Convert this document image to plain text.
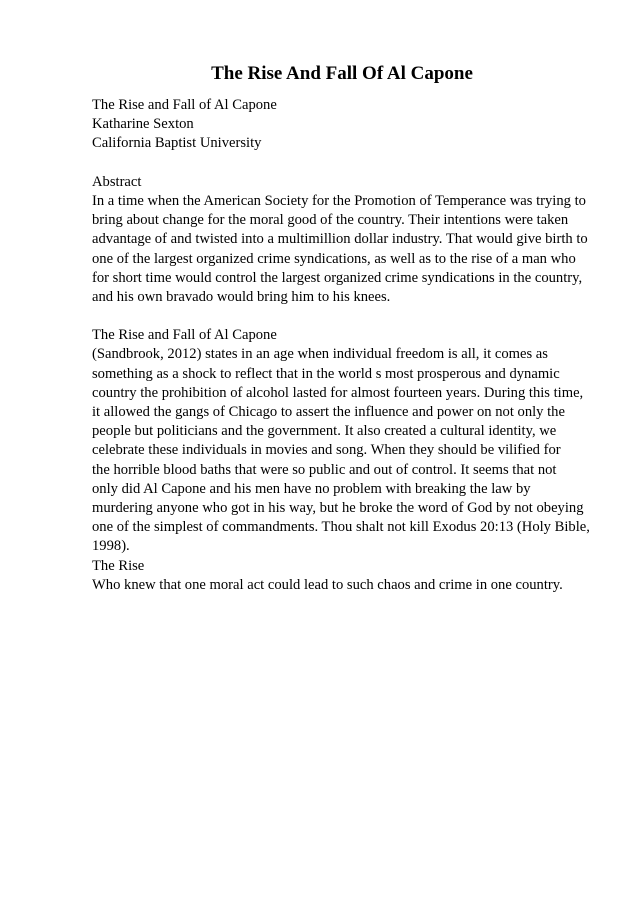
The Rise And Fall Of Al Capone
The Rise and Fall of Al Capone
Katharine Sexton
California Baptist University
Abstract
In a time when the American Society for the Promotion of Temperance was trying to
bring about change for the moral good of the country. Their intentions were taken
advantage of and twisted into a multimillion dollar industry. That would give birth to
one of the largest organized crime syndications, as well as to the rise of a man who
for short time would control the largest organized crime syndications in the country,
and his own bravado would bring him to his knees.
The Rise and Fall of Al Capone
(Sandbrook, 2012) states in an age when individual freedom is all, it comes as
something as a shock to reflect that in the world s most prosperous and dynamic
country the prohibition of alcohol lasted for almost fourteen years. During this time,
it allowed the gangs of Chicago to assert the influence and power on not only the
people but politicians and the government. It also created a cultural identity, we
celebrate these individuals in movies and song. When they should be vilified for
the horrible blood baths that were so public and out of control. It seems that not
only did Al Capone and his men have no problem with breaking the law by
murdering anyone who got in his way, but he broke the word of God by not obeying
one of the simplest of commandments. Thou shalt not kill Exodus 20:13 (Holy Bible,
1998).
The Rise
Who knew that one moral act could lead to such chaos and crime in one country.
